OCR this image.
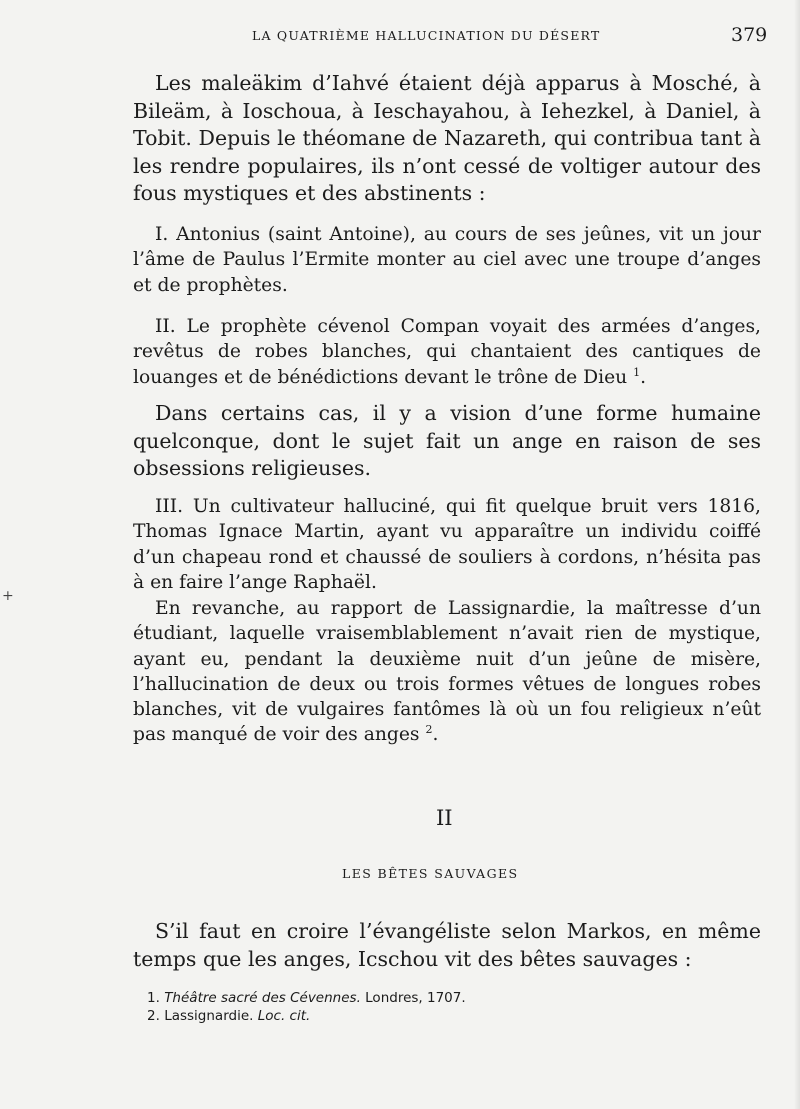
LA QUATRIÈME HALLUCINATION DU DÉSERT	379

Les maleäkim d’Iahvé étaient déjà apparus à Mosché, à Bileäm, à Ioschoua, à Ieschayahou, à Iehezkel, à Daniel, à Tobit. Depuis le théomane de Nazareth, qui contribua tant à les rendre populaires, ils n’ont cessé de voltiger autour des fous mystiques et des abstinents :

I. Antonius (saint Antoine), au cours de ses jeûnes, vit un jour l’âme de Paulus l’Ermite monter au ciel avec une troupe d’anges et de prophètes.

II. Le prophète cévenol Compan voyait des armées d’anges, revêtus de robes blanches, qui chantaient des cantiques de louanges et de bénédictions devant le trône de Dieu $^1$.

Dans certains cas, il y a vision d’une forme humaine quelconque, dont le sujet fait un ange en raison de ses obsessions religieuses.

III. Un cultivateur halluciné, qui fit quelque bruit vers 1816, Thomas Ignace Martin, ayant vu apparaître un individu coiffé d’un chapeau rond et chaussé de souliers à cordons, n’hésita pas à en faire l’ange Raphaël.

En revanche, au rapport de Lassignardie, la maîtresse d’un étudiant, laquelle vraisemblablement n’avait rien de mystique, ayant eu, pendant la deuxième nuit d’un jeûne de misère, l’hallucination de deux ou trois formes vêtues de longues robes blanches, vit de vulgaires fantômes là où un fou religieux n’eût pas manqué de voir des anges $^2$.

II
LES BÊTES SAUVAGES

S’il faut en croire l’évangéliste selon Markos, en même temps que les anges, Icschou vit des bêtes sauvages :

1. Théâtre sacré des Cévennes. Londres, 1707.
2. Lassignardie. Loc. cit.
+
